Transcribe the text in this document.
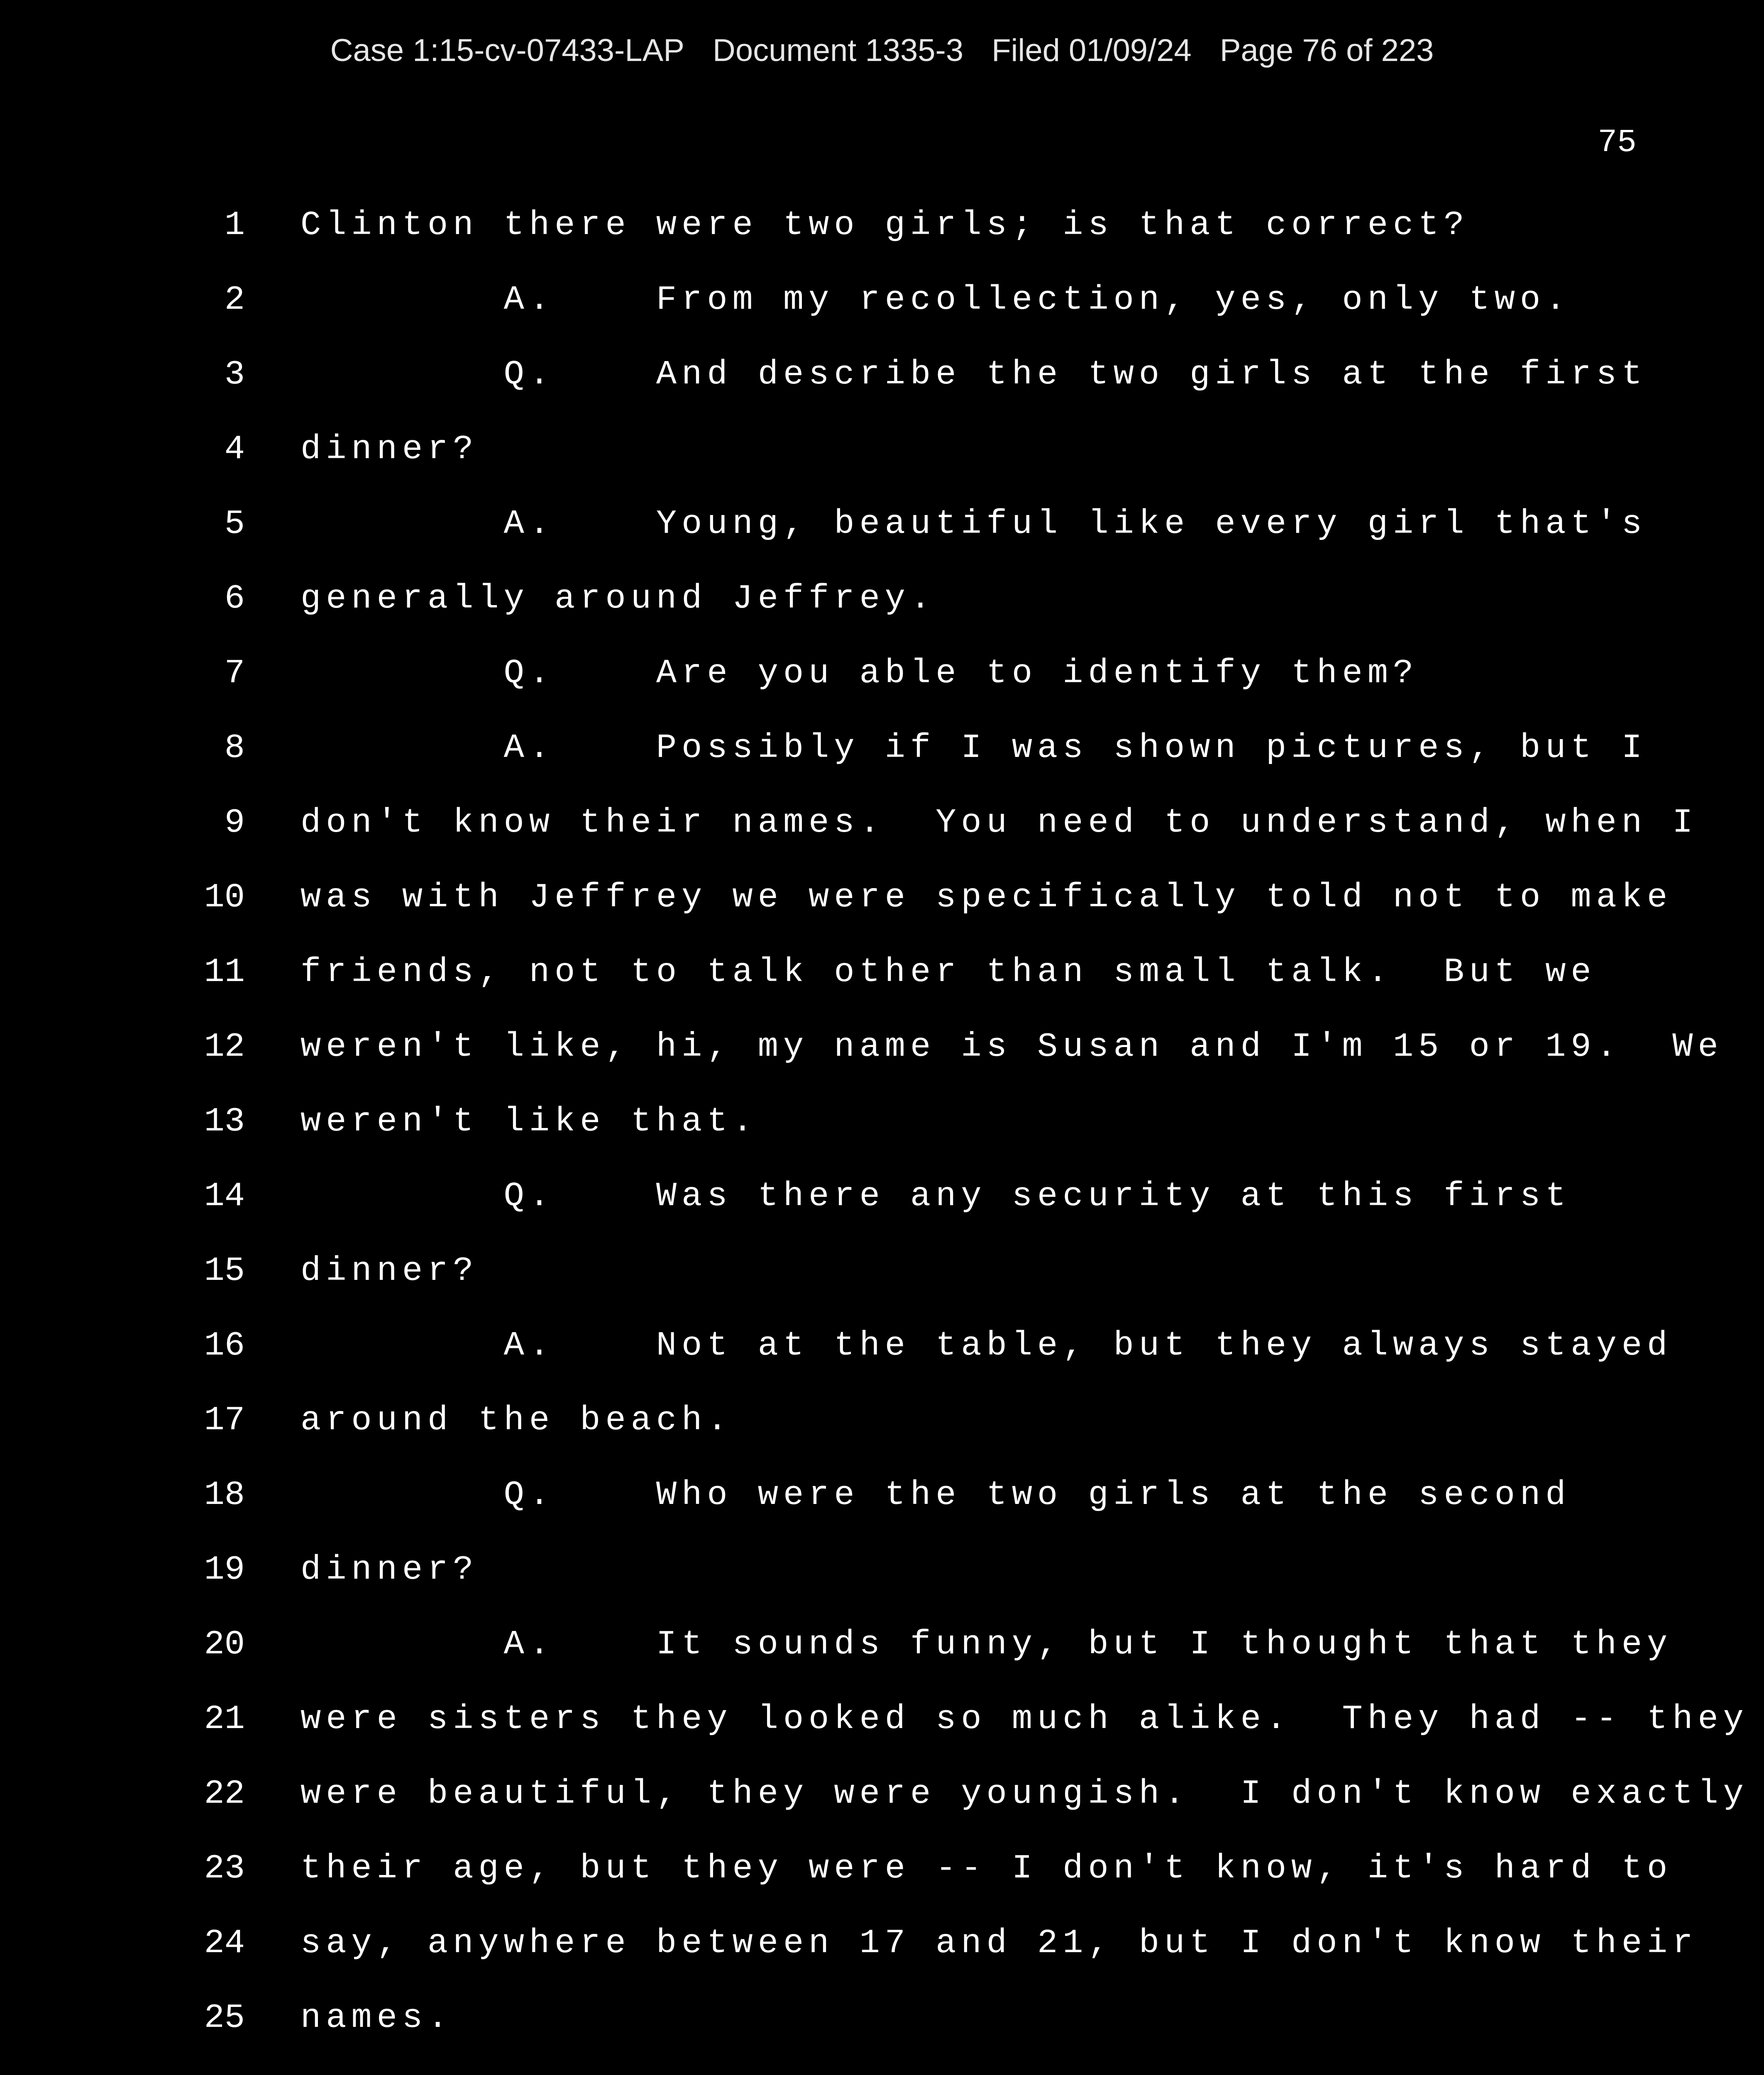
Case 1:15-cv-07433-LAP Document 1335-3 Filed 01/09/24 Page 76 of 223
75
1 Clinton there were two girls; is that correct?
2 A.    From my recollection, yes, only two.
3 Q.    And describe the two girls at the first
4 dinner?
5 A.    Young, beautiful like every girl that's
6 generally around Jeffrey.
7 Q.    Are you able to identify them?
8 A.    Possibly if I was shown pictures, but I
9 don't know their names.  You need to understand, when I
10 was with Jeffrey we were specifically told not to make
11 friends, not to talk other than small talk.  But we
12 weren't like, hi, my name is Susan and I'm 15 or 19.  We
13 weren't like that.
14 Q.    Was there any security at this first
15 dinner?
16 A.    Not at the table, but they always stayed
17 around the beach.
18 Q.    Who were the two girls at the second
19 dinner?
20 A.    It sounds funny, but I thought that they
21 were sisters they looked so much alike.  They had -- they
22 were beautiful, they were youngish.  I don't know exactly
23 their age, but they were -- I don't know, it's hard to
24 say, anywhere between 17 and 21, but I don't know their
25 names.
